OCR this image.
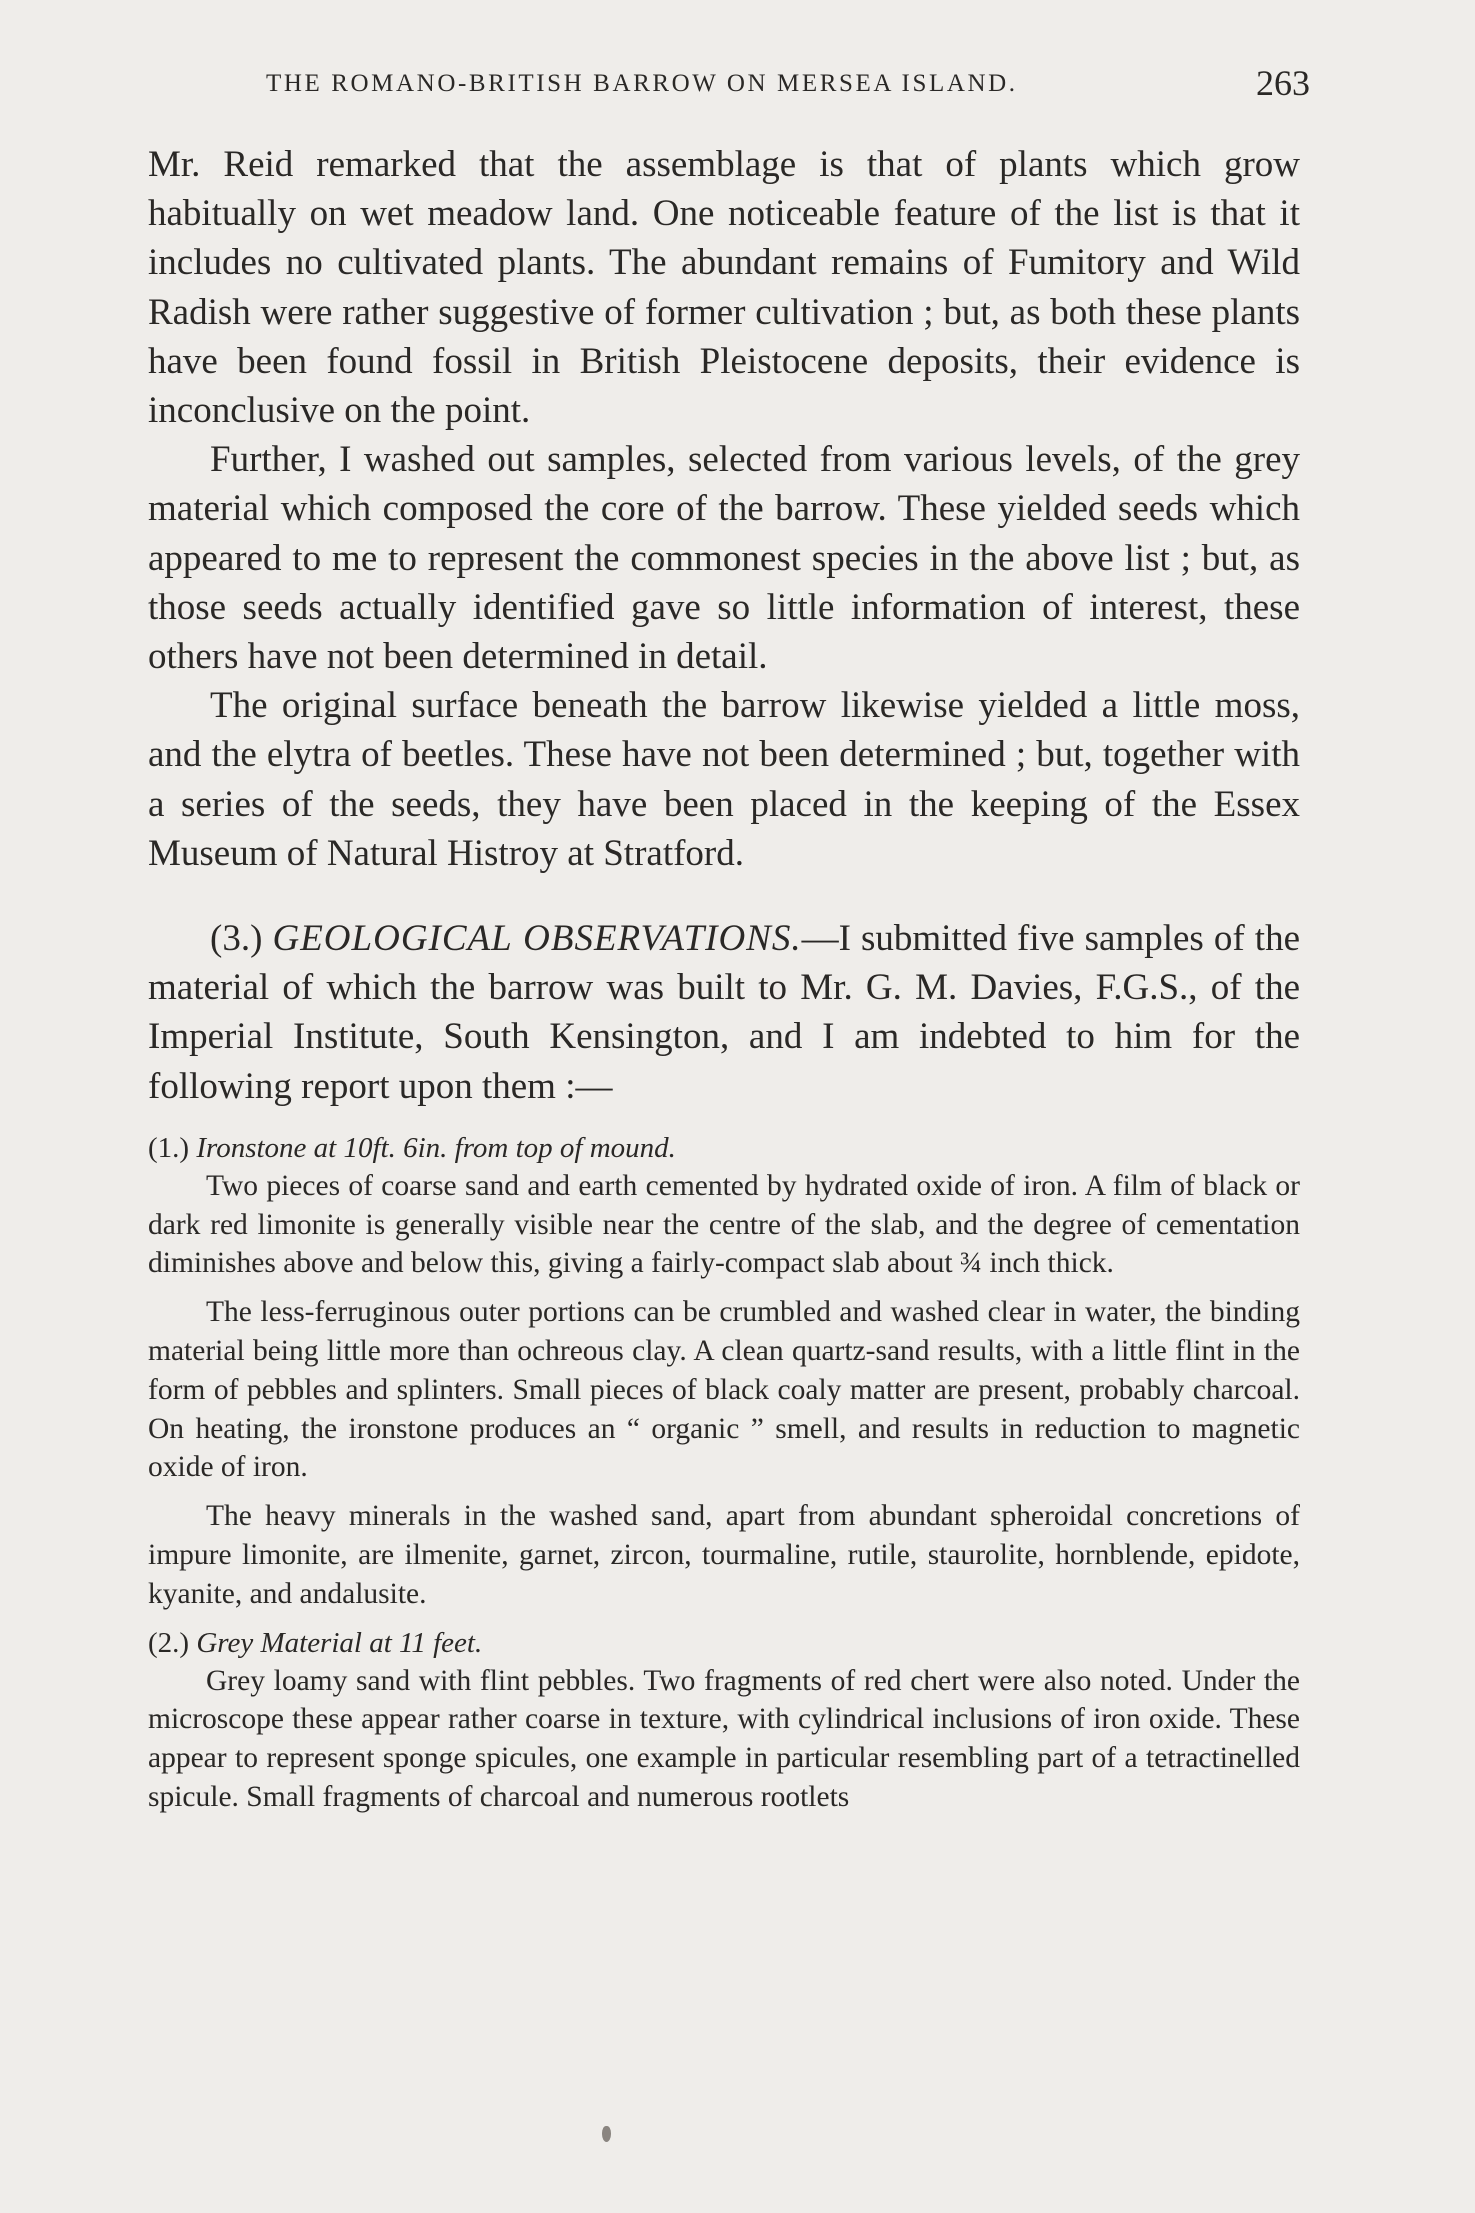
THE ROMANO-BRITISH BARROW ON MERSEA ISLAND.	263

Mr. Reid remarked that the assemblage is that of plants which grow habitually on wet meadow land. One noticeable feature of the list is that it includes no cultivated plants. The abundant remains of Fumitory and Wild Radish were rather suggestive of former cultivation ; but, as both these plants have been found fossil in British Pleistocene deposits, their evidence is inconclusive on the point.

Further, I washed out samples, selected from various levels, of the grey material which composed the core of the barrow. These yielded seeds which appeared to me to represent the commonest species in the above list ; but, as those seeds actually identified gave so little information of interest, these others have not been determined in detail.

The original surface beneath the barrow likewise yielded a little moss, and the elytra of beetles. These have not been determined ; but, together with a series of the seeds, they have been placed in the keeping of the Essex Museum of Natural Histroy at Stratford.

(3.) GEOLOGICAL OBSERVATIONS.—I submitted five samples of the material of which the barrow was built to Mr. G. M. Davies, F.G.S., of the Imperial Institute, South Kensington, and I am indebted to him for the following report upon them :—

(1.) Ironstone at 10ft. 6in. from top of mound.

Two pieces of coarse sand and earth cemented by hydrated oxide of iron. A film of black or dark red limonite is generally visible near the centre of the slab, and the degree of cementation diminishes above and below this, giving a fairly-compact slab about ¾ inch thick.

The less-ferruginous outer portions can be crumbled and washed clear in water, the binding material being little more than ochreous clay. A clean quartz-sand results, with a little flint in the form of pebbles and splinters. Small pieces of black coaly matter are present, probably charcoal. On heating, the ironstone produces an “ organic ” smell, and results in reduction to magnetic oxide of iron.

The heavy minerals in the washed sand, apart from abundant spheroidal concretions of impure limonite, are ilmenite, garnet, zircon, tourmaline, rutile, staurolite, hornblende, epidote, kyanite, and andalusite.

(2.) Grey Material at 11 feet.

Grey loamy sand with flint pebbles. Two fragments of red chert were also noted. Under the microscope these appear rather coarse in texture, with cylindrical inclusions of iron oxide. These appear to represent sponge spicules, one example in particular resembling part of a tetractinelled spicule. Small fragments of charcoal and numerous rootlets
